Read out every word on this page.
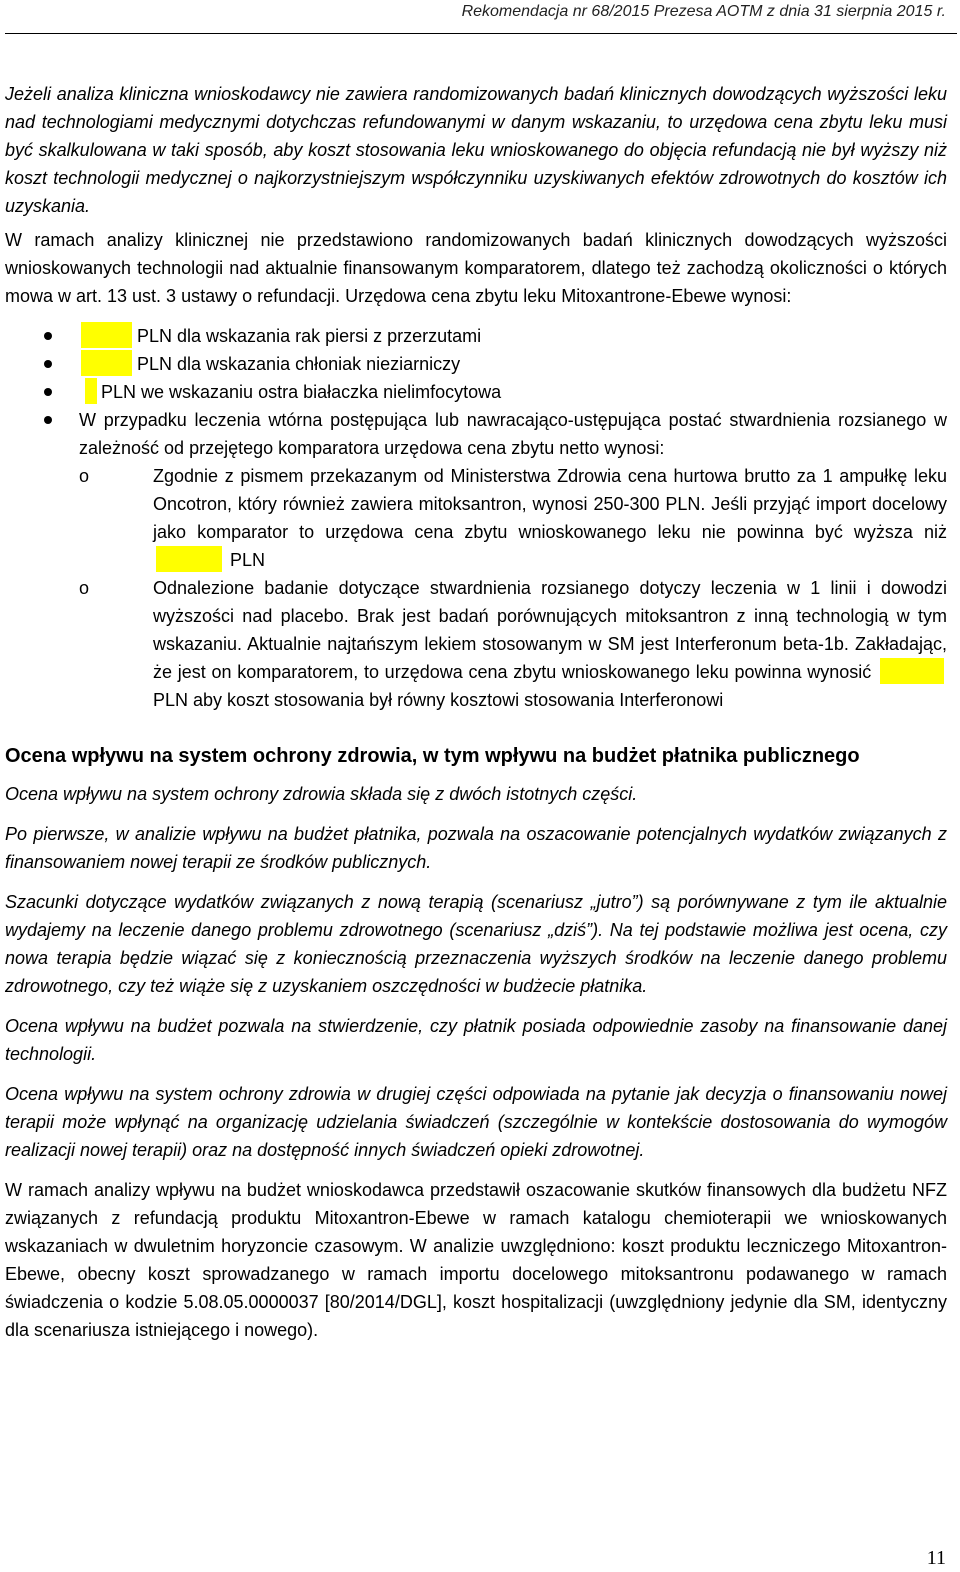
Rekomendacja nr 68/2015 Prezesa AOTM z dnia 31 sierpnia 2015 r.

Jeżeli analiza kliniczna wnioskodawcy nie zawiera randomizowanych badań klinicznych dowodzących wyższości leku nad technologiami medycznymi dotychczas refundowanymi w danym wskazaniu, to urzędowa cena zbytu leku musi być skalkulowana w taki sposób, aby koszt stosowania leku wnioskowanego do objęcia refundacją nie był wyższy niż koszt technologii medycznej o najkorzystniejszym współczynniku uzyskiwanych efektów zdrowotnych do kosztów ich uzyskania.

W ramach analizy klinicznej nie przedstawiono randomizowanych badań klinicznych dowodzących wyższości wnioskowanych technologii nad aktualnie finansowanym komparatorem, dlatego też zachodzą okoliczności o których mowa w art. 13 ust. 3 ustawy o refundacji. Urzędowa cena zbytu leku Mitoxantrone-Ebewe wynosi:

PLN dla wskazania rak piersi z przerzutami
PLN dla wskazania chłoniak nieziarniczy
PLN we wskazaniu ostra białaczka nielimfocytowa
W przypadku leczenia wtórna postępująca lub nawracająco-ustępująca postać stwardnienia rozsianego w zależność od przejętego komparatora urzędowa cena zbytu netto wynosi:
o Zgodnie z pismem przekazanym od Ministerstwa Zdrowia cena hurtowa brutto za 1 ampułkę leku Oncotron, który również zawiera mitoksantron, wynosi 250-300 PLN. Jeśli przyjąć import docelowy jako komparator to urzędowa cena zbytu wnioskowanego leku nie powinna być wyższa niż  PLN
o Odnalezione badanie dotyczące stwardnienia rozsianego dotyczy leczenia w 1 linii i dowodzi wyższości nad placebo. Brak jest badań porównujących mitoksantron z inną technologią w tym wskazaniu. Aktualnie najtańszym lekiem stosowanym w SM jest Interferonum beta-1b. Zakładając, że jest on komparatorem, to urzędowa cena zbytu wnioskowanego leku powinna wynosić  PLN aby koszt stosowania był równy kosztowi stosowania Interferonowi
Ocena wpływu na system ochrony zdrowia, w tym wpływu na budżet płatnika publicznego

Ocena wpływu na system ochrony zdrowia składa się z dwóch istotnych części.

Po pierwsze, w analizie wpływu na budżet płatnika, pozwala na oszacowanie potencjalnych wydatków związanych z finansowaniem nowej terapii ze środków publicznych.

Szacunki dotyczące wydatków związanych z nową terapią (scenariusz „jutro”) są porównywane z tym ile aktualnie wydajemy na leczenie danego problemu zdrowotnego (scenariusz „dziś”). Na tej podstawie możliwa jest ocena, czy nowa terapia będzie wiązać się z koniecznością przeznaczenia wyższych środków na leczenie danego problemu zdrowotnego, czy też wiąże się z uzyskaniem oszczędności w budżecie płatnika.

Ocena wpływu na budżet pozwala na stwierdzenie, czy płatnik posiada odpowiednie zasoby na finansowanie danej technologii.

Ocena wpływu na system ochrony zdrowia w drugiej części odpowiada na pytanie jak decyzja o finansowaniu nowej terapii może wpłynąć na organizację udzielania świadczeń (szczególnie w kontekście dostosowania do wymogów realizacji nowej terapii) oraz na dostępność innych świadczeń opieki zdrowotnej.

W ramach analizy wpływu na budżet wnioskodawca przedstawił oszacowanie skutków finansowych dla budżetu NFZ związanych z refundacją produktu Mitoxantron-Ebewe w ramach katalogu chemioterapii we wnioskowanych wskazaniach w dwuletnim horyzoncie czasowym. W analizie uwzględniono: koszt produktu leczniczego Mitoxantron-Ebewe, obecny koszt sprowadzanego w ramach importu docelowego mitoksantronu podawanego w ramach świadczenia o kodzie 5.08.05.0000037 [80/2014/DGL], koszt hospitalizacji (uwzględniony jedynie dla SM, identyczny dla scenariusza istniejącego i nowego).

11
